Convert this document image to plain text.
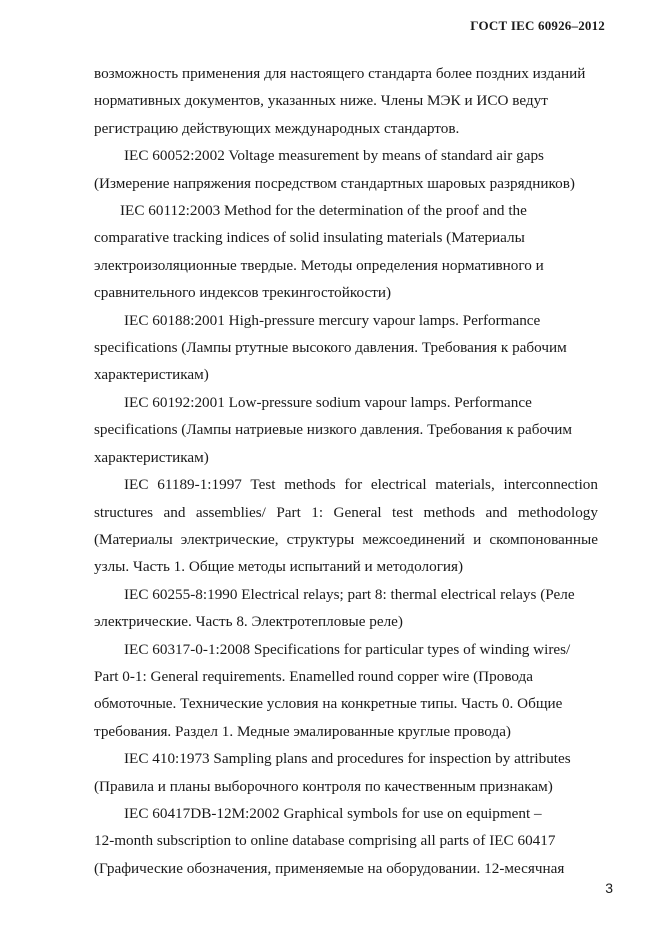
ГОСТ IEC 60926–2012

возможность применения для настоящего стандарта более поздних изданий
нормативных документов, указанных ниже. Члены МЭК и ИСО ведут
регистрацию действующих международных стандартов.

IEC 60052:2002 Voltage measurement by means of standard air gaps
(Измерение напряжения посредством стандартных шаровых разрядников)

IEC 60112:2003 Method for the determination of the proof and the
comparative tracking indices of solid insulating materials (Материалы
электроизоляционные твердые. Методы определения нормативного и
сравнительного индексов трекингостойкости)

IEC 60188:2001 High-pressure mercury vapour lamps. Performance
specifications (Лампы ртутные высокого давления. Требования к рабочим
характеристикам)

IEC 60192:2001 Low-pressure sodium vapour lamps. Performance
specifications (Лампы натриевые низкого давления. Требования к рабочим
характеристикам)

IEC 61189-1:1997 Test methods for electrical materials, interconnection
structures and assemblies/ Part 1: General test methods and methodology
(Материалы электрические, структуры межсоединений и скомпонованные
узлы. Часть 1. Общие методы испытаний и методология)

IEC 60255-8:1990 Electrical relays; part 8: thermal electrical relays (Реле
электрические. Часть 8. Электротепловые реле)

IEC 60317-0-1:2008 Specifications for particular types of winding wires/
Part 0-1: General requirements. Enamelled round copper wire (Провода
обмоточные. Технические условия на конкретные типы. Часть 0. Общие
требования. Раздел 1. Медные эмалированные круглые провода)

IEC 410:1973 Sampling plans and procedures for inspection by attributes
(Правила и планы выборочного контроля по качественным признакам)

IEC 60417DB-12M:2002 Graphical symbols for use on equipment –
12-month subscription to online database comprising all parts of IEC 60417
(Графические обозначения, применяемые на оборудовании. 12-месячная

3
